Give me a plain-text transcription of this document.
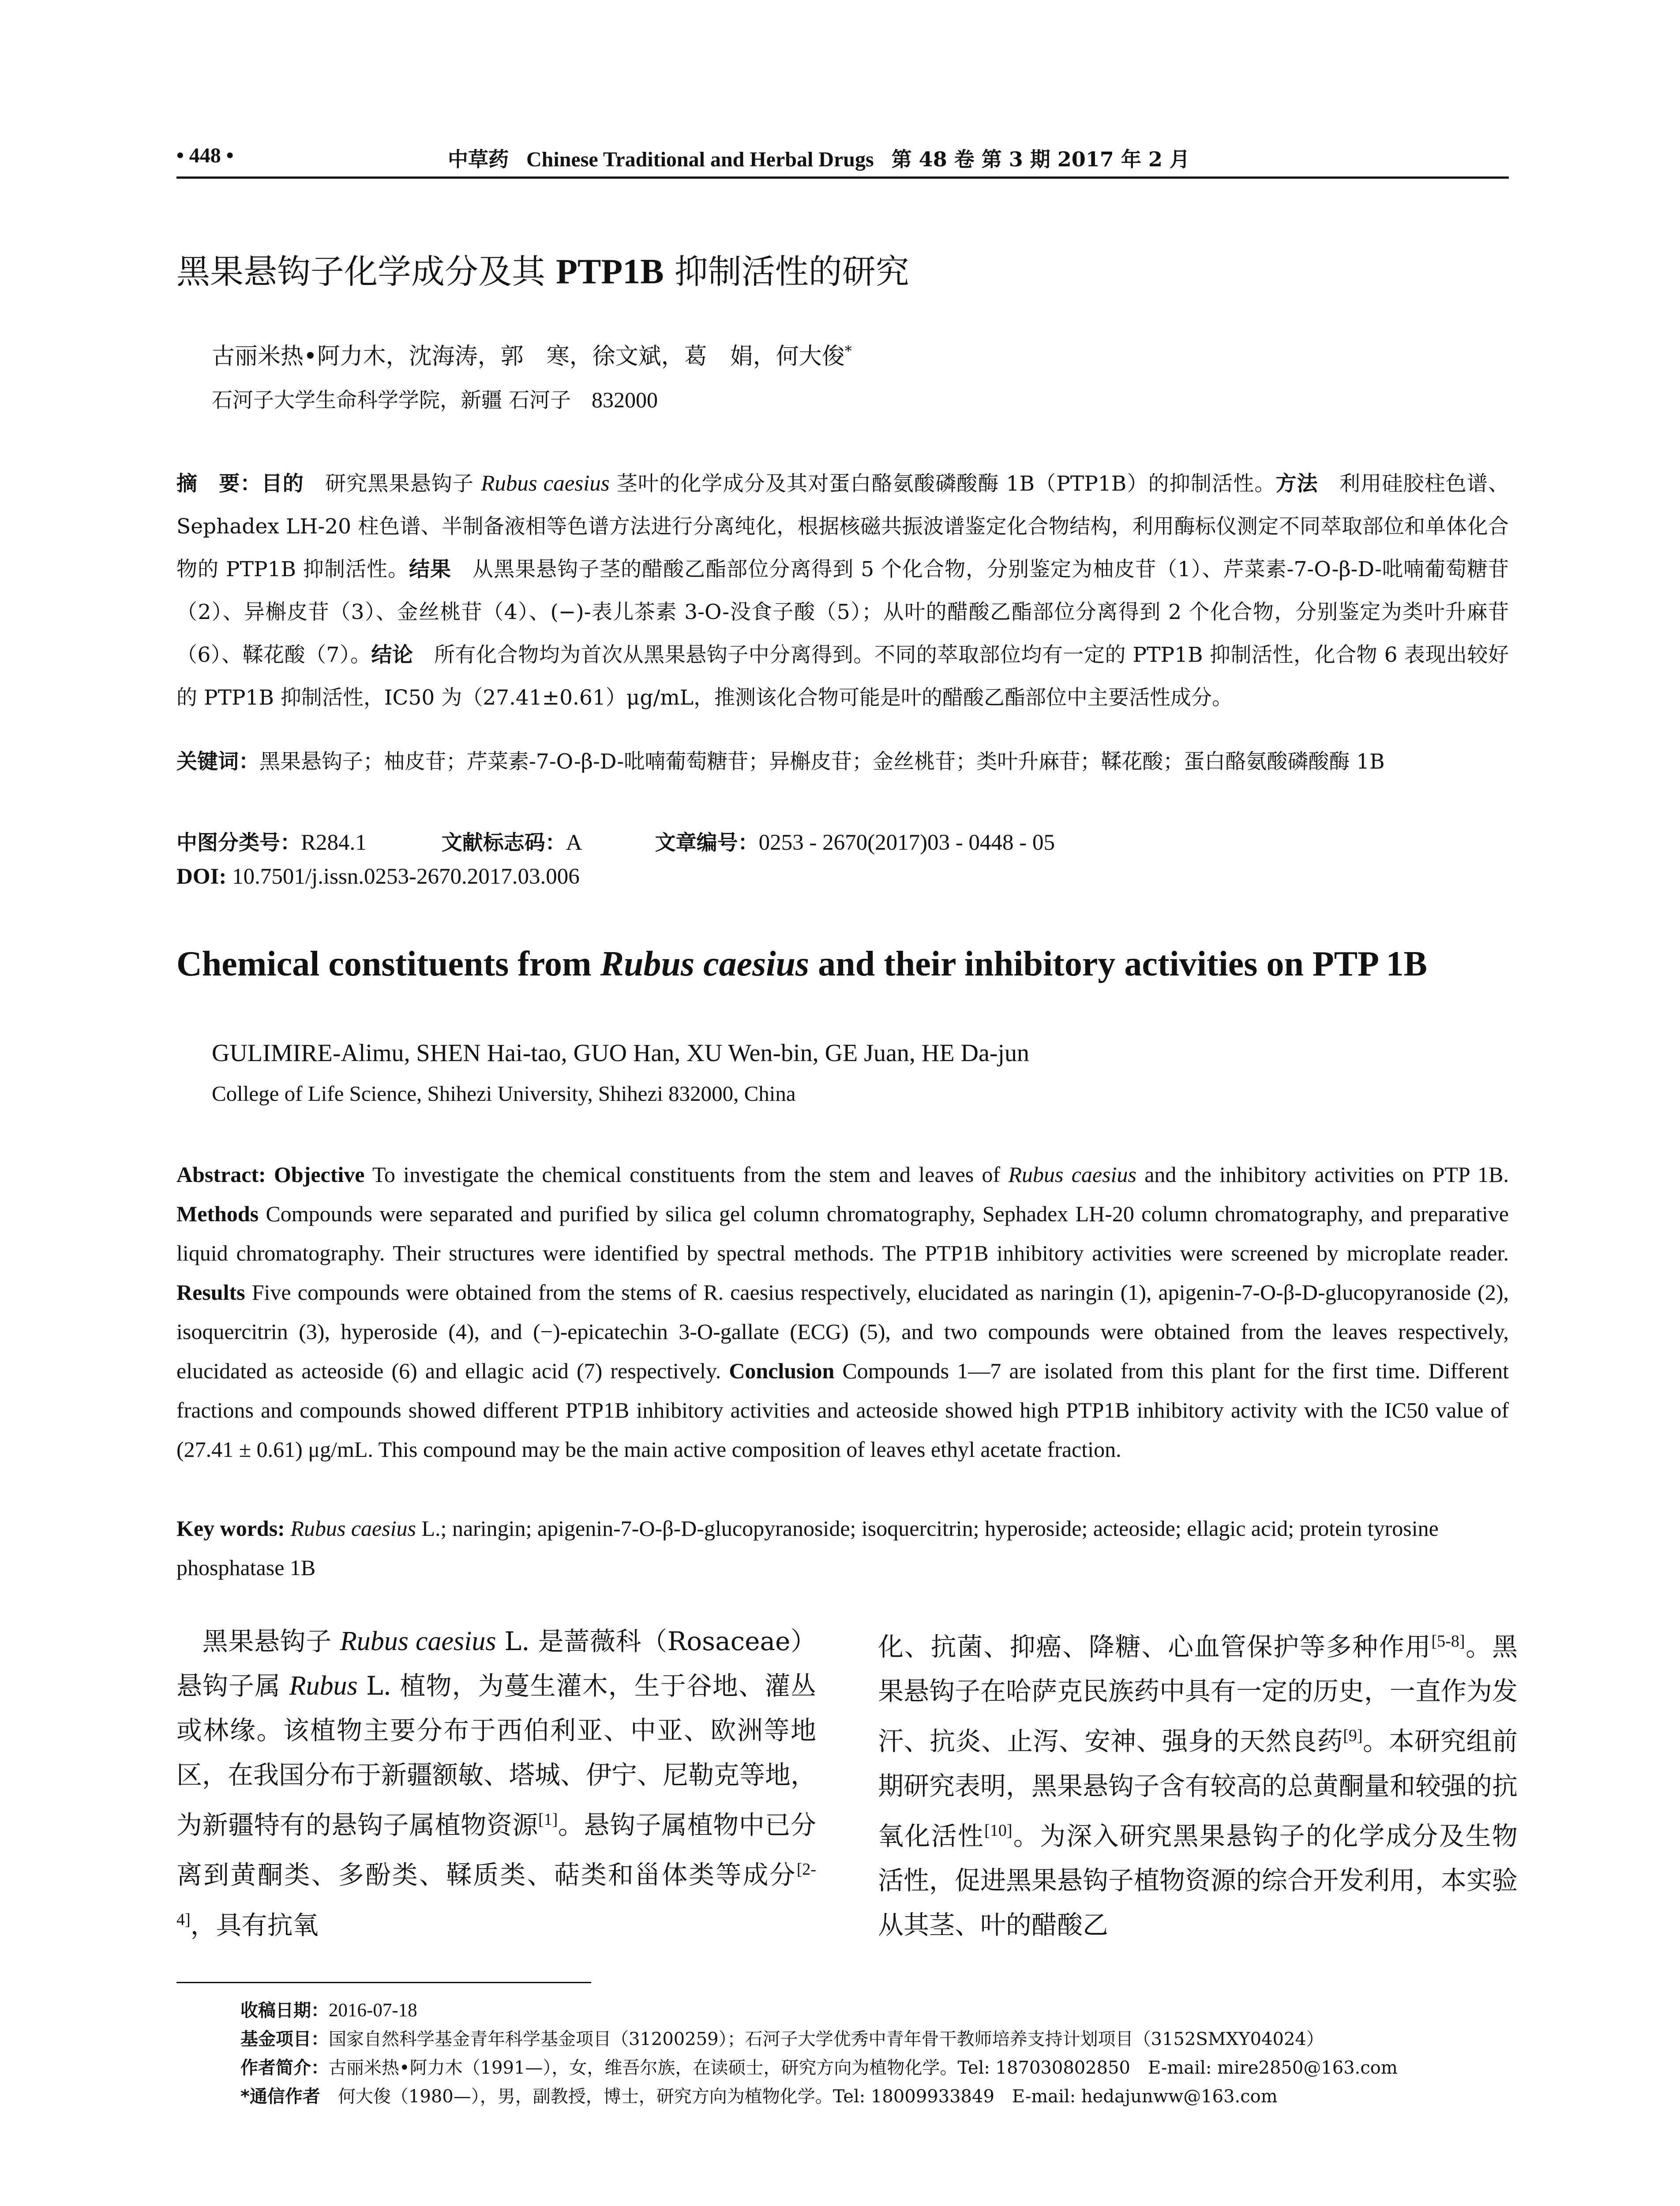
• 448 •	中草药 Chinese Traditional and Herbal Drugs 第 48 卷 第 3 期 2017 年 2 月
黑果悬钩子化学成分及其 PTP1B 抑制活性的研究
古丽米热•阿力木，沈海涛，郭　寒，徐文斌，葛　娟，何大俊*
石河子大学生命科学学院，新疆 石河子　832000
摘　要：目的　研究黑果悬钩子 Rubus caesius 茎叶的化学成分及其对蛋白酪氨酸磷酸酶 1B（PTP1B）的抑制活性。方法　利用硅胶柱色谱、Sephadex LH-20 柱色谱、半制备液相等色谱方法进行分离纯化，根据核磁共振波谱鉴定化合物结构，利用酶标仪测定不同萃取部位和单体化合物的 PTP1B 抑制活性。结果　从黑果悬钩子茎的醋酸乙酯部位分离得到 5 个化合物，分别鉴定为柚皮苷（1）、芹菜素-7-O-β-D-吡喃葡萄糖苷（2）、异槲皮苷（3）、金丝桃苷（4）、(−)-表儿茶素 3-O-没食子酸（5）；从叶的醋酸乙酯部位分离得到 2 个化合物，分别鉴定为类叶升麻苷（6）、鞣花酸（7）。结论　所有化合物均为首次从黑果悬钩子中分离得到。不同的萃取部位均有一定的 PTP1B 抑制活性，化合物 6 表现出较好的 PTP1B 抑制活性，IC50 为（27.41±0.61）μg/mL，推测该化合物可能是叶的醋酸乙酯部位中主要活性成分。
关键词：黑果悬钩子；柚皮苷；芹菜素-7-O-β-D-吡喃葡萄糖苷；异槲皮苷；金丝桃苷；类叶升麻苷；鞣花酸；蛋白酪氨酸磷酸酶 1B
中图分类号：R284.1	文献标志码：A	文章编号：0253 - 2670(2017)03 - 0448 - 05
DOI: 10.7501/j.issn.0253-2670.2017.03.006
Chemical constituents from Rubus caesius and their inhibitory activities on PTP 1B
GULIMIRE-Alimu, SHEN Hai-tao, GUO Han, XU Wen-bin, GE Juan, HE Da-jun
College of Life Science, Shihezi University, Shihezi 832000, China
Abstract: Objective To investigate the chemical constituents from the stem and leaves of Rubus caesius and the inhibitory activities on PTP 1B. Methods Compounds were separated and purified by silica gel column chromatography, Sephadex LH-20 column chromatography, and preparative liquid chromatography. Their structures were identified by spectral methods. The PTP1B inhibitory activities were screened by microplate reader. Results Five compounds were obtained from the stems of R. caesius respectively, elucidated as naringin (1), apigenin-7-O-β-D-glucopyranoside (2), isoquercitrin (3), hyperoside (4), and (−)-epicatechin 3-O-gallate (ECG) (5), and two compounds were obtained from the leaves respectively, elucidated as acteoside (6) and ellagic acid (7) respectively. Conclusion Compounds 1—7 are isolated from this plant for the first time. Different fractions and compounds showed different PTP1B inhibitory activities and acteoside showed high PTP1B inhibitory activity with the IC50 value of (27.41 ± 0.61) μg/mL. This compound may be the main active composition of leaves ethyl acetate fraction.
Key words: Rubus caesius L.; naringin; apigenin-7-O-β-D-glucopyranoside; isoquercitrin; hyperoside; acteoside; ellagic acid; protein tyrosine phosphatase 1B
　黑果悬钩子 Rubus caesius L. 是蔷薇科（Rosaceae）悬钩子属 Rubus L. 植物，为蔓生灌木，生于谷地、灌丛或林缘。该植物主要分布于西伯利亚、中亚、欧洲等地区，在我国分布于新疆额敏、塔城、伊宁、尼勒克等地，为新疆特有的悬钩子属植物资源[1]。悬钩子属植物中已分离到黄酮类、多酚类、鞣质类、萜类和甾体类等成分[2-4]，具有抗氧
化、抗菌、抑癌、降糖、心血管保护等多种作用[5-8]。黑果悬钩子在哈萨克民族药中具有一定的历史，一直作为发汗、抗炎、止泻、安神、强身的天然良药[9]。本研究组前期研究表明，黑果悬钩子含有较高的总黄酮量和较强的抗氧化活性[10]。为深入研究黑果悬钩子的化学成分及生物活性，促进黑果悬钩子植物资源的综合开发利用，本实验从其茎、叶的醋酸乙
收稿日期：2016-07-18
基金项目：国家自然科学基金青年科学基金项目（31200259）；石河子大学优秀中青年骨干教师培养支持计划项目（3152SMXY04024）
作者简介：古丽米热•阿力木（1991—），女，维吾尔族，在读硕士，研究方向为植物化学。Tel: 187030802850　E-mail: mire2850@163.com
*通信作者　何大俊（1980—），男，副教授，博士，研究方向为植物化学。Tel: 18009933849　E-mail: hedajunww@163.com
